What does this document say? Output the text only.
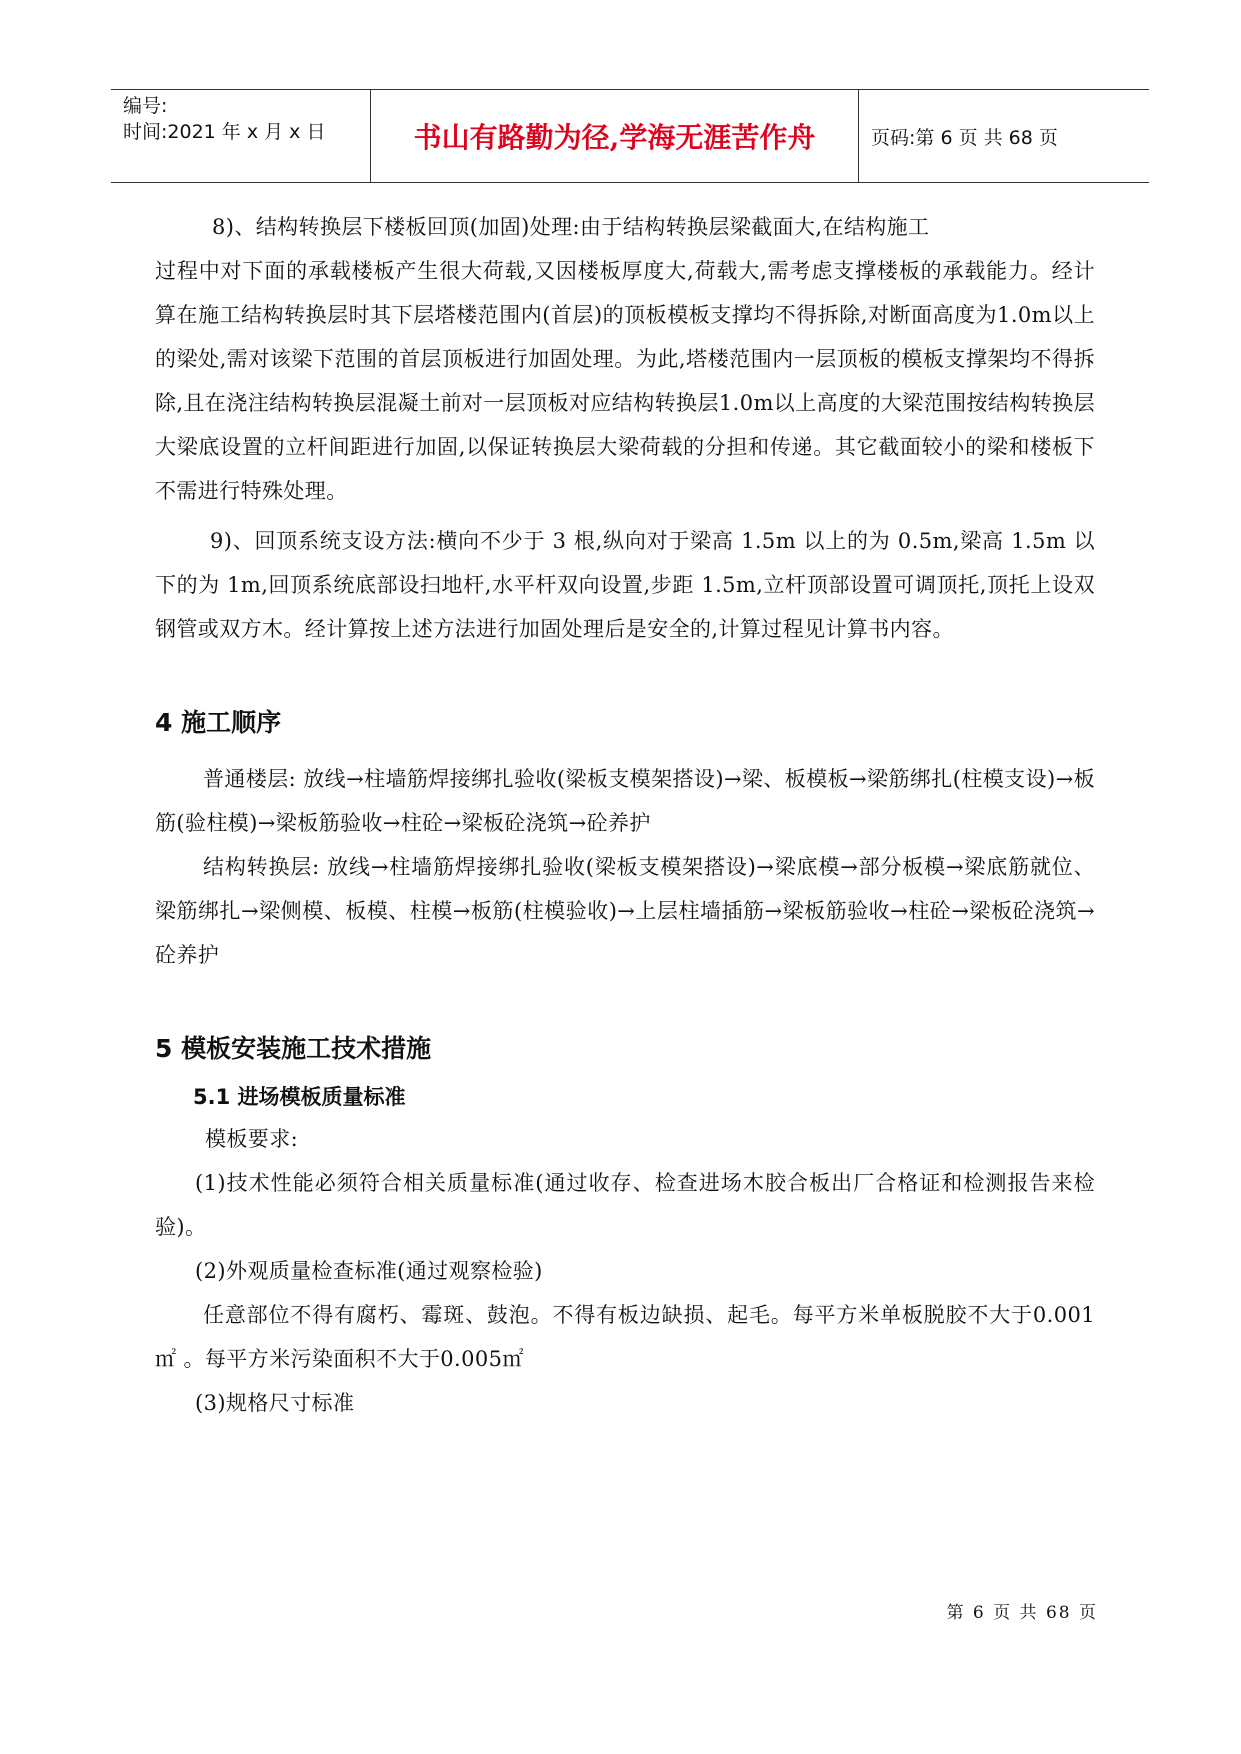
编号:
时间:2021 年 x 月 x 日	书山有路勤为径,学海无涯苦作舟	页码:第 6 页 共 68 页

8)、结构转换层下楼板回顶(加固)处理:由于结构转换层梁截面大,在结构施工

过程中对下面的承载楼板产生很大荷载,又因楼板厚度大,荷载大,需考虑支撑楼板的承载能力。经计算在施工结构转换层时其下层塔楼范围内(首层)的顶板模板支撑均不得拆除,对断面高度为1.0m以上的梁处,需对该梁下范围的首层顶板进行加固处理。为此,塔楼范围内一层顶板的模板支撑架均不得拆除,且在浇注结构转换层混凝土前对一层顶板对应结构转换层1.0m以上高度的大梁范围按结构转换层大梁底设置的立杆间距进行加固,以保证转换层大梁荷载的分担和传递。其它截面较小的梁和楼板下不需进行特殊处理。

9)、回顶系统支设方法:横向不少于 3 根,纵向对于梁高 1.5m 以上的为 0.5m,梁高 1.5m 以下的为 1m,回顶系统底部设扫地杆,水平杆双向设置,步距 1.5m,立杆顶部设置可调顶托,顶托上设双钢管或双方木。经计算按上述方法进行加固处理后是安全的,计算过程见计算书内容。

4 施工顺序

普通楼层: 放线→柱墙筋焊接绑扎验收(梁板支模架搭设)→梁、板模板→梁筋绑扎(柱模支设)→板筋(验柱模)→梁板筋验收→柱砼→梁板砼浇筑→砼养护

结构转换层: 放线→柱墙筋焊接绑扎验收(梁板支模架搭设)→梁底模→部分板模→梁底筋就位、梁筋绑扎→梁侧模、板模、柱模→板筋(柱模验收)→上层柱墙插筋→梁板筋验收→柱砼→梁板砼浇筑→砼养护

5 模板安装施工技术措施
5.1 进场模板质量标准

模板要求:

(1)技术性能必须符合相关质量标准(通过收存、检查进场木胶合板出厂合格证和检测报告来检验)。

(2)外观质量检查标准(通过观察检验)

任意部位不得有腐朽、霉斑、鼓泡。不得有板边缺损、起毛。每平方米单板脱胶不大于0.001㎡ 。每平方米污染面积不大于0.005㎡

(3)规格尺寸标准

第 6 页 共 68 页
